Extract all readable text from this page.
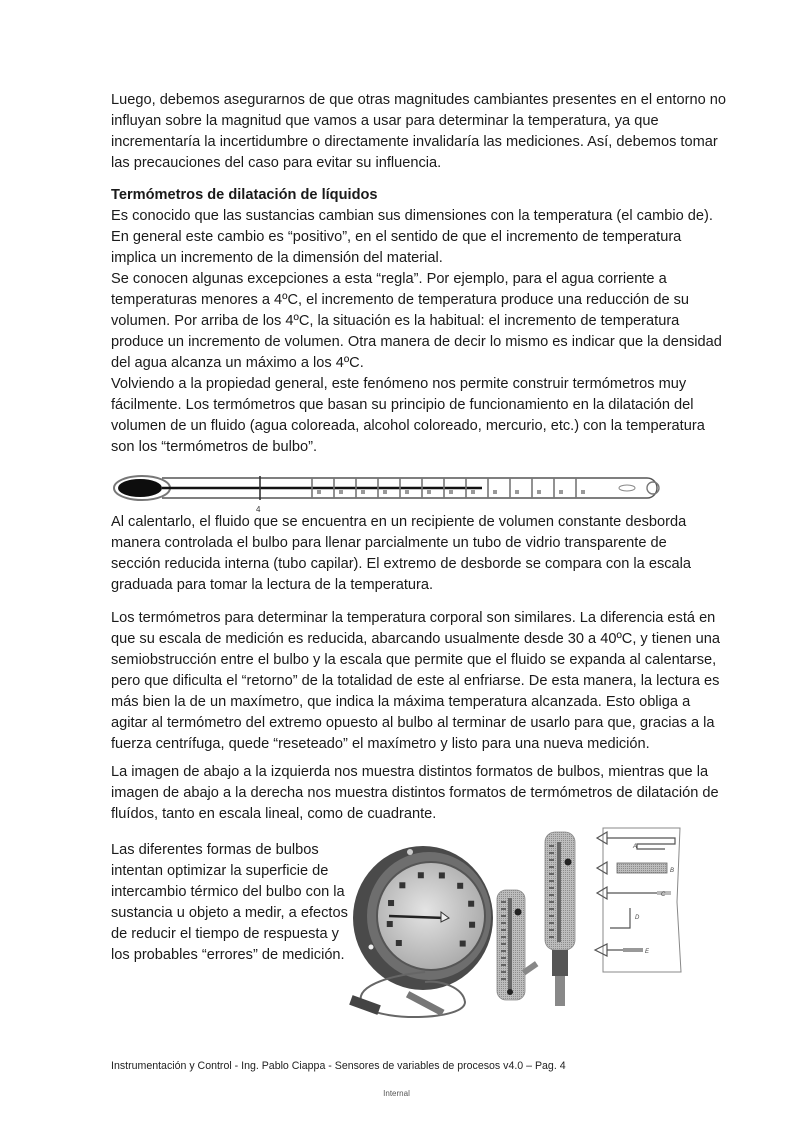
Luego, debemos asegurarnos de que otras magnitudes cambiantes presentes en el entorno no
influyan sobre la magnitud que vamos a usar para determinar la temperatura, ya que
incrementaría la incertidumbre o directamente invalidaría las mediciones. Así, debemos tomar
las precauciones del caso para evitar su influencia.
Termómetros de dilatación de líquidos
Es conocido que las sustancias cambian sus dimensiones con la temperatura (el cambio de).
En general este cambio es “positivo”, en el sentido de que el incremento de temperatura
implica un incremento de la dimensión del material.
Se conocen algunas excepciones a esta “regla”. Por ejemplo, para el agua corriente a
temperaturas menores a 4ºC, el incremento de temperatura produce una reducción de su
volumen. Por arriba de los 4ºC, la situación es la habitual: el incremento de temperatura
produce un incremento de volumen. Otra manera de decir lo mismo es indicar que la densidad
del agua alcanza un máximo a los 4ºC.
Volviendo a la propiedad general, este fenómeno nos permite construir termómetros muy
fácilmente. Los termómetros que basan su principio de funcionamiento en la dilatación del
volumen de un fluido (agua coloreada, alcohol coloreado, mercurio, etc.) con la temperatura
son los “termómetros de bulbo”.
4
Al calentarlo, el fluido que se encuentra en un recipiente de volumen constante desborda
manera controlada el bulbo para llenar parcialmente un tubo de vidrio transparente de
sección reducida interna (tubo capilar). El extremo de desborde se compara con la escala
graduada para tomar la lectura de la temperatura.
Los termómetros para determinar la temperatura corporal son similares. La diferencia está en
que su escala de medición es reducida, abarcando usualmente desde 30 a 40ºC, y tienen una
semiobstrucción entre el bulbo y la escala que permite que el fluido se expanda al calentarse,
pero que dificulta el “retorno” de la totalidad de este al enfriarse. De esta manera, la lectura es
más bien la de un maxímetro, que indica la máxima temperatura alcanzada. Esto obliga a
agitar al termómetro del extremo opuesto al bulbo al terminar de usarlo para que, gracias a la
fuerza centrífuga, quede “reseteado” el maxímetro y listo para una nueva medición.
La imagen de abajo a la izquierda nos muestra distintos formatos de bulbos, mientras que la
imagen de abajo a la derecha nos muestra distintos formatos de termómetros de dilatación de
fluídos, tanto en escala lineal, como de cuadrante.
Las diferentes formas de bulbos
intentan optimizar la superficie de
intercambio térmico del bulbo con la
sustancia u objeto a medir, a efectos
de reducir el tiempo de respuesta y
los probables “errores” de medición.
A
B
C
D
E
Instrumentación y Control - Ing. Pablo Ciappa - Sensores de variables de procesos v4.0 – Pag. 4
Internal
